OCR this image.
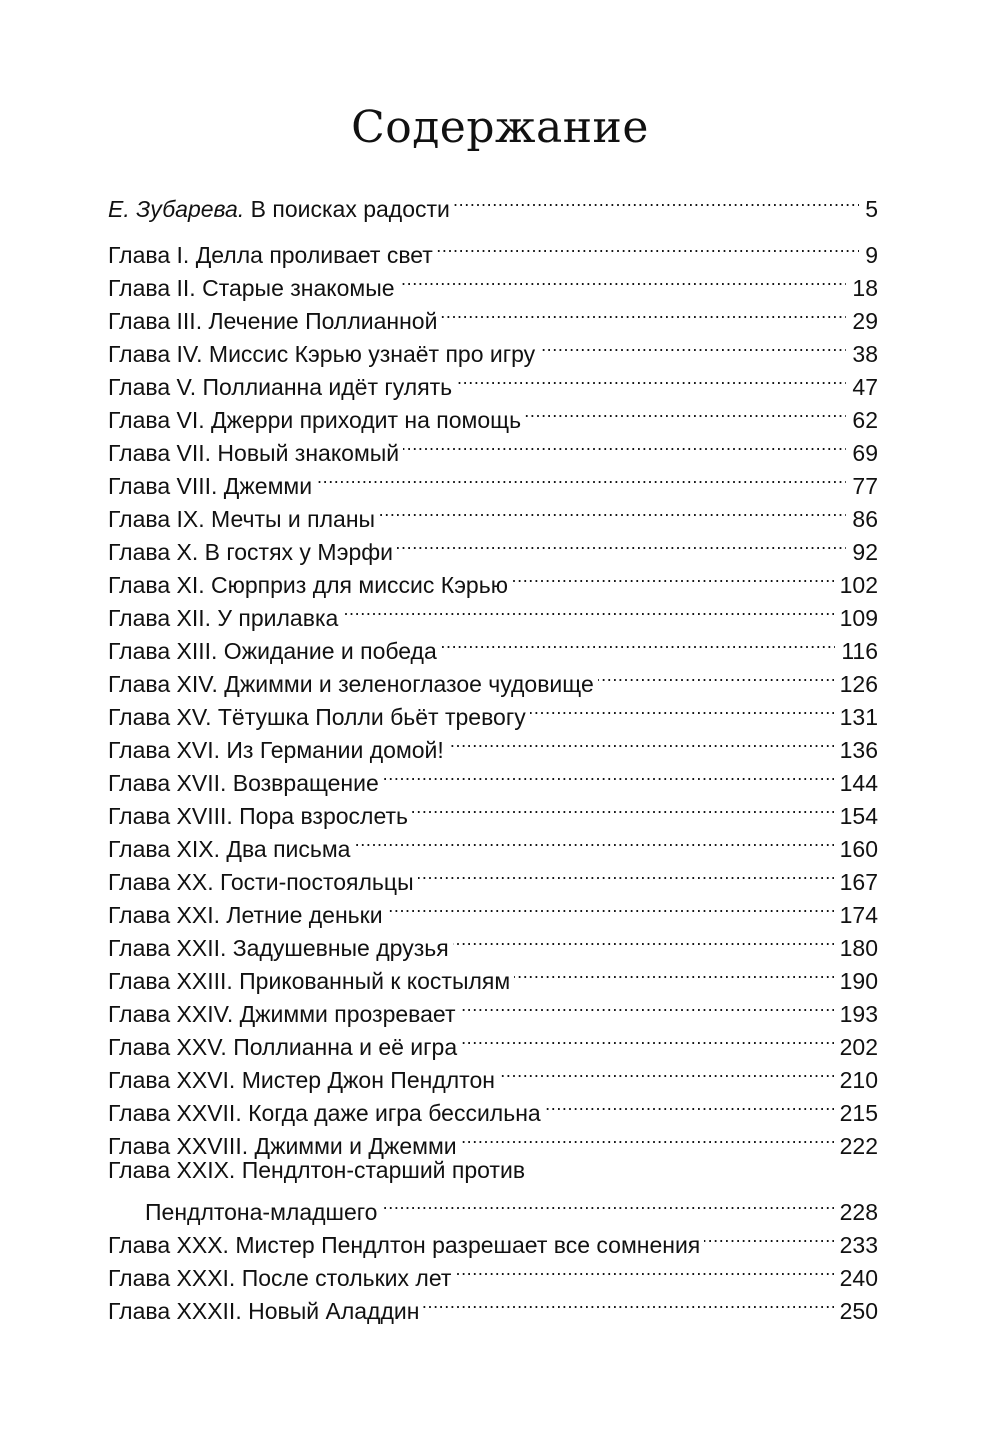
Содержание
Е. Зубарева. В поисках радости . . .	5
Глава I. Делла проливает свет . . .	9
Глава II. Старые знакомые . . .	18
Глава III. Лечение Поллианной . . .	29
Глава IV. Миссис Кэрью узнаёт про игру . . .	38
Глава V. Поллианна идёт гулять . . .	47
Глава VI. Джерри приходит на помощь . . .	62
Глава VII. Новый знакомый . . .	69
Глава VIII. Джемми . . .	77
Глава IX. Мечты и планы . . .	86
Глава X. В гостях у Мэрфи . . .	92
Глава XI. Сюрприз для миссис Кэрью . . .	102
Глава XII. У прилавка . . .	109
Глава XIII. Ожидание и победа . . .	116
Глава XIV. Джимми и зеленоглазое чудовище . . .	126
Глава XV. Тётушка Полли бьёт тревогу . . .	131
Глава XVI. Из Германии домой! . . .	136
Глава XVII. Возвращение . . .	144
Глава XVIII. Пора взрослеть . . .	154
Глава XIX. Два письма . . .	160
Глава XX. Гости-постояльцы . . .	167
Глава XXI. Летние деньки . . .	174
Глава XXII. Задушевные друзья . . .	180
Глава XXIII. Прикованный к костылям . . .	190
Глава XXIV. Джимми прозревает . . .	193
Глава XXV. Поллианна и её игра . . .	202
Глава XXVI. Мистер Джон Пендлтон . . .	210
Глава XXVII. Когда даже игра бессильна . . .	215
Глава XXVIII. Джимми и Джемми . . .	222
Глава XXIX. Пендлтон-старший против
Пендлтона-младшего . . .	228
Глава XXX. Мистер Пендлтон разрешает все сомнения . . .	233
Глава XXXI. После стольких лет . . .	240
Глава XXXII. Новый Аладдин . . .	250
